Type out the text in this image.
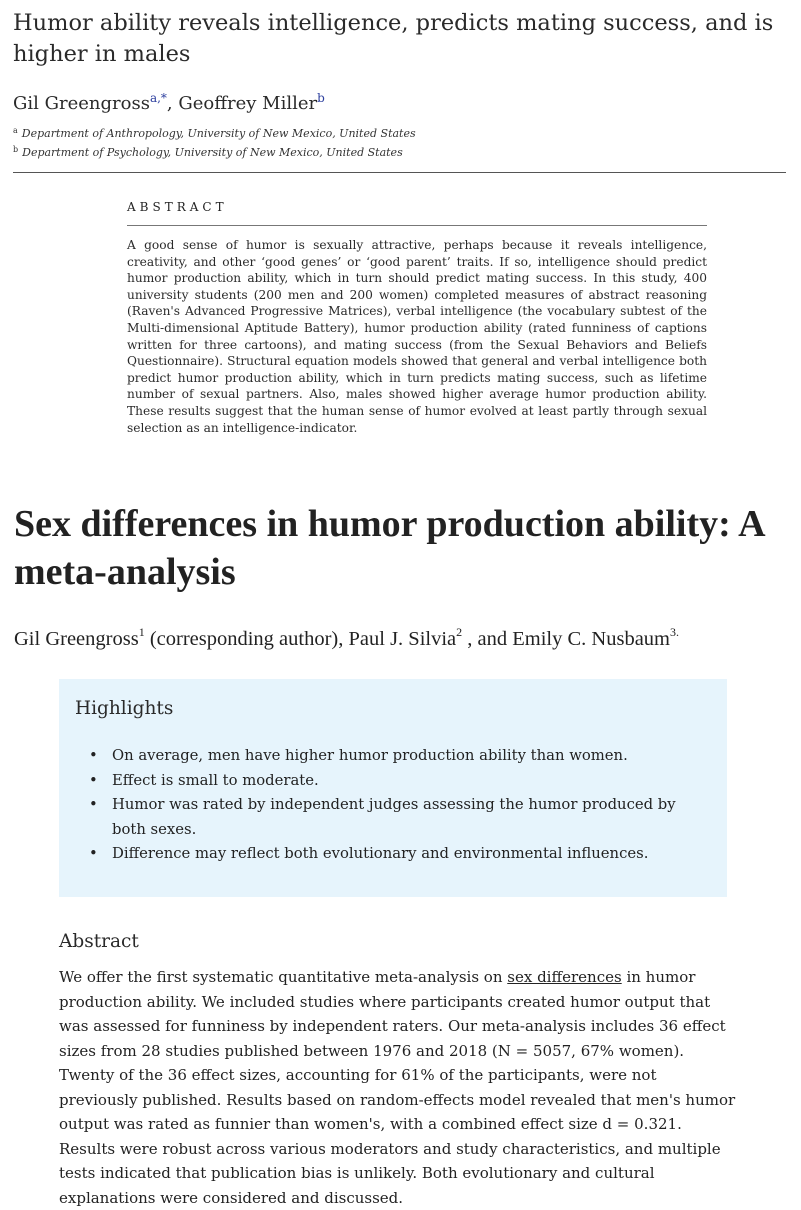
Humor ability reveals intelligence, predicts mating success, and is higher in males
Gil Greengross$^{a,*}$, Geoffrey Miller$^b$
$^a$ Department of Anthropology, University of New Mexico, United States
$^b$ Department of Psychology, University of New Mexico, United States
ABSTRACT

A good sense of humor is sexually attractive, perhaps because it reveals intelligence, creativity, and other ‘good genes’ or ‘good parent’ traits. If so, intelligence should predict humor production ability, which in turn should predict mating success. In this study, 400 university students (200 men and 200 women) completed measures of abstract reasoning (Raven's Advanced Progressive Matrices), verbal intelligence (the vocabulary subtest of the Multi-dimensional Aptitude Battery), humor production ability (rated funniness of captions written for three cartoons), and mating success (from the Sexual Behaviors and Beliefs Questionnaire). Structural equation models showed that general and verbal intelligence both predict humor production ability, which in turn predicts mating success, such as lifetime number of sexual partners. Also, males showed higher average humor production ability. These results suggest that the human sense of humor evolved at least partly through sexual selection as an intelligence-indicator.

Sex differences in humor production ability: A meta-analysis
Gil Greengross$^1$ (corresponding author), Paul J. Silvia$^2$ , and Emily C. Nusbaum$^{3.}$
Highlights
• On average, men have higher humor production ability than women.
• Effect is small to moderate.
• Humor was rated by independent judges assessing the humor produced by both sexes.
• Difference may reflect both evolutionary and environmental influences.
Abstract

We offer the first systematic quantitative meta-analysis on sex differences in humor production ability. We included studies where participants created humor output that was assessed for funniness by independent raters. Our meta-analysis includes 36 effect sizes from 28 studies published between 1976 and 2018 (N = 5057, 67% women). Twenty of the 36 effect sizes, accounting for 61% of the participants, were not previously published. Results based on random-effects model revealed that men's humor output was rated as funnier than women's, with a combined effect size d = 0.321. Results were robust across various moderators and study characteristics, and multiple tests indicated that publication bias is unlikely. Both evolutionary and cultural explanations were considered and discussed.
